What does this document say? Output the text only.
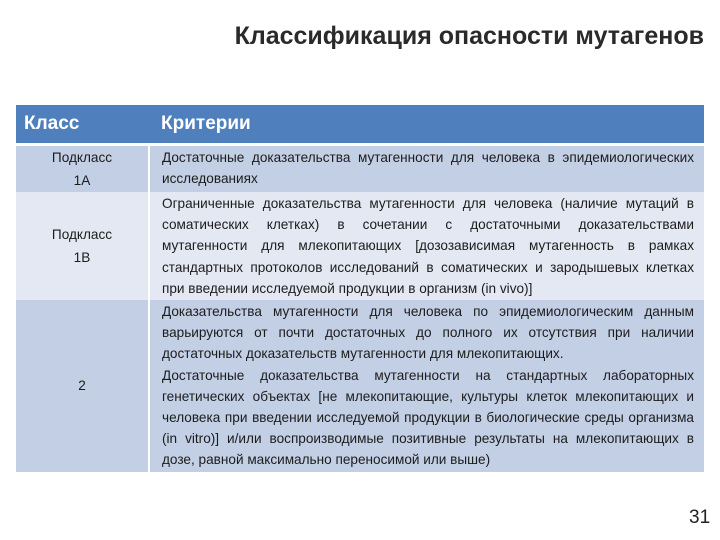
Классификация опасности мутагенов
Класс	Критерии

Подкласс
1А	Достаточные доказательства мутагенности для человека в эпидемиологических исследованиях

Подкласс
1В	Ограниченные доказательства мутагенности для человека (наличие мутаций в соматических клетках) в сочетании с достаточными доказательствами мутагенности для млекопитающих [дозозависимая мутагенность в рамках стандартных протоколов исследований в соматических и зародышевых клетках при введении исследуемой продукции в организм (in vivo)]

2	Доказательства мутагенности для человека по эпидемиологическим данным варьируются от почти достаточных до полного их отсутствия при наличии достаточных доказательств мутагенности для млекопитающих.
Достаточные доказательства мутагенности на стандартных лабораторных генетических объектах [не млекопитающие, культуры клеток млекопитающих и человека при введении исследуемой продукции в биологические среды организма (in vitro)] и/или воспроизводимые позитивные результаты на млекопитающих в дозе, равной максимально переносимой или выше)
31
